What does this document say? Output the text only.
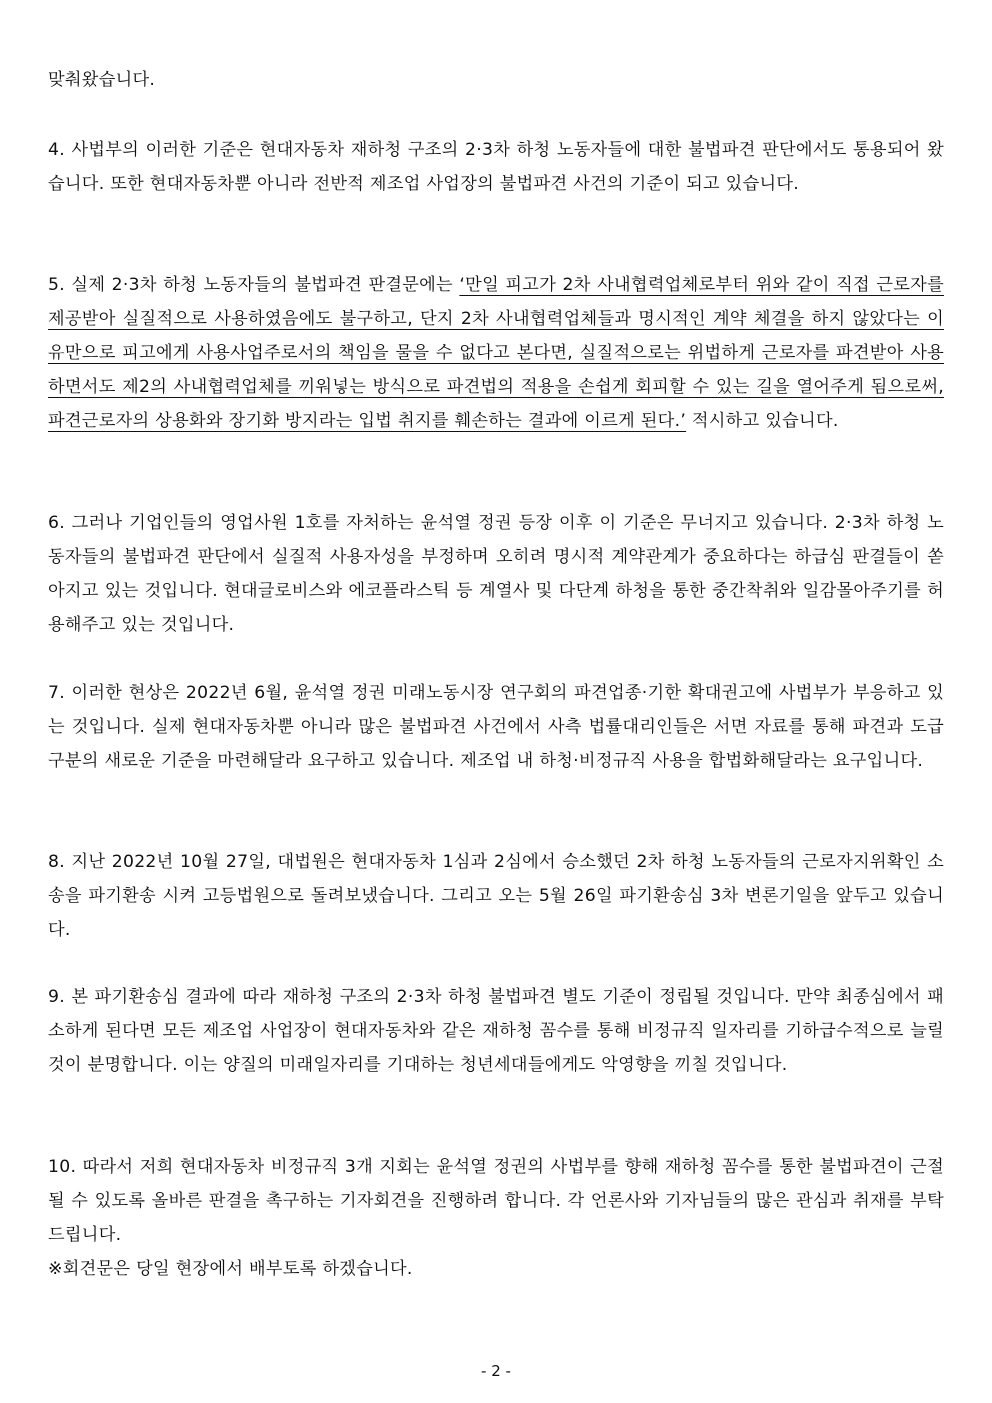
맞춰왔습니다.

4. 사법부의 이러한 기준은 현대자동차 재하청 구조의 2·3차 하청 노동자들에 대한 불법파견 판단에서도 통용되어 왔습니다. 또한 현대자동차뿐 아니라 전반적 제조업 사업장의 불법파견 사건의 기준이 되고 있습니다.

5. 실제 2·3차 하청 노동자들의 불법파견 판결문에는 ‘만일 피고가 2차 사내협력업체로부터 위와 같이 직접 근로자를 제공받아 실질적으로 사용하였음에도 불구하고, 단지 2차 사내협력업체들과 명시적인 계약 체결을 하지 않았다는 이유만으로 피고에게 사용사업주로서의 책임을 물을 수 없다고 본다면, 실질적으로는 위법하게 근로자를 파견받아 사용하면서도 제2의 사내협력업체를 끼워넣는 방식으로 파견법의 적용을 손쉽게 회피할 수 있는 길을 열어주게 됨으로써, 파견근로자의 상용화와 장기화 방지라는 입법 취지를 훼손하는 결과에 이르게 된다.’ 적시하고 있습니다.

6. 그러나 기업인들의 영업사원 1호를 자처하는 윤석열 정권 등장 이후 이 기준은 무너지고 있습니다. 2·3차 하청 노동자들의 불법파견 판단에서 실질적 사용자성을 부정하며 오히려 명시적 계약관계가 중요하다는 하급심 판결들이 쏟아지고 있는 것입니다. 현대글로비스와 에코플라스틱 등 계열사 및 다단계 하청을 통한 중간착취와 일감몰아주기를 허용해주고 있는 것입니다.

7. 이러한 현상은 2022년 6월, 윤석열 정권 미래노동시장 연구회의 파견업종·기한 확대권고에 사법부가 부응하고 있는 것입니다. 실제 현대자동차뿐 아니라 많은 불법파견 사건에서 사측 법률대리인들은 서면 자료를 통해 파견과 도급 구분의 새로운 기준을 마련해달라 요구하고 있습니다. 제조업 내 하청·비정규직 사용을 합법화해달라는 요구입니다.

8. 지난 2022년 10월 27일, 대법원은 현대자동차 1심과 2심에서 승소했던 2차 하청 노동자들의 근로자지위확인 소송을 파기환송 시켜 고등법원으로 돌려보냈습니다. 그리고 오는 5월 26일 파기환송심 3차 변론기일을 앞두고 있습니다.

9. 본 파기환송심 결과에 따라 재하청 구조의 2·3차 하청 불법파견 별도 기준이 정립될 것입니다. 만약 최종심에서 패소하게 된다면 모든 제조업 사업장이 현대자동차와 같은 재하청 꼼수를 통해 비정규직 일자리를 기하급수적으로 늘릴 것이 분명합니다. 이는 양질의 미래일자리를 기대하는 청년세대들에게도 악영향을 끼칠 것입니다.

10. 따라서 저희 현대자동차 비정규직 3개 지회는 윤석열 정권의 사법부를 향해 재하청 꼼수를 통한 불법파견이 근절될 수 있도록 올바른 판결을 촉구하는 기자회견을 진행하려 합니다. 각 언론사와 기자님들의 많은 관심과 취재를 부탁드립니다.

※회견문은 당일 현장에서 배부토록 하겠습니다.

- 2 -
